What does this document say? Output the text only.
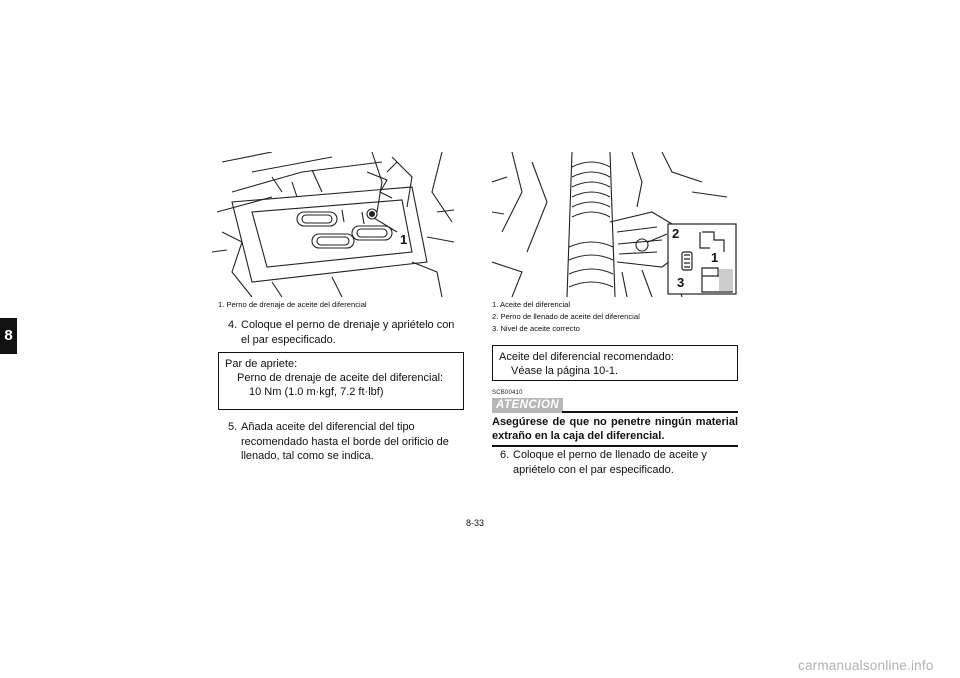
8
1
1. Perno de drenaje de aceite del diferencial
4. Coloque el perno de drenaje y apriételo con el par especificado.
Par de apriete:
Perno de drenaje de aceite del diferencial:
10 Nm (1.0 m·kgf, 7.2 ft·lbf)
5. Añada aceite del diferencial del tipo recomendado hasta el borde del orificio de llenado, tal como se indica.
2
1
3
1. Aceite del diferencial
2. Perno de llenado de aceite del diferencial
3. Nivel de aceite correcto
Aceite del diferencial recomendado:
Véase la página 10-1.
SCB00410
ATENCIÓN
Asegúrese de que no penetre ningún material extraño en la caja del diferencial.
6. Coloque el perno de llenado de aceite y apriételo con el par especificado.
8-33
carmanualsonline.info
